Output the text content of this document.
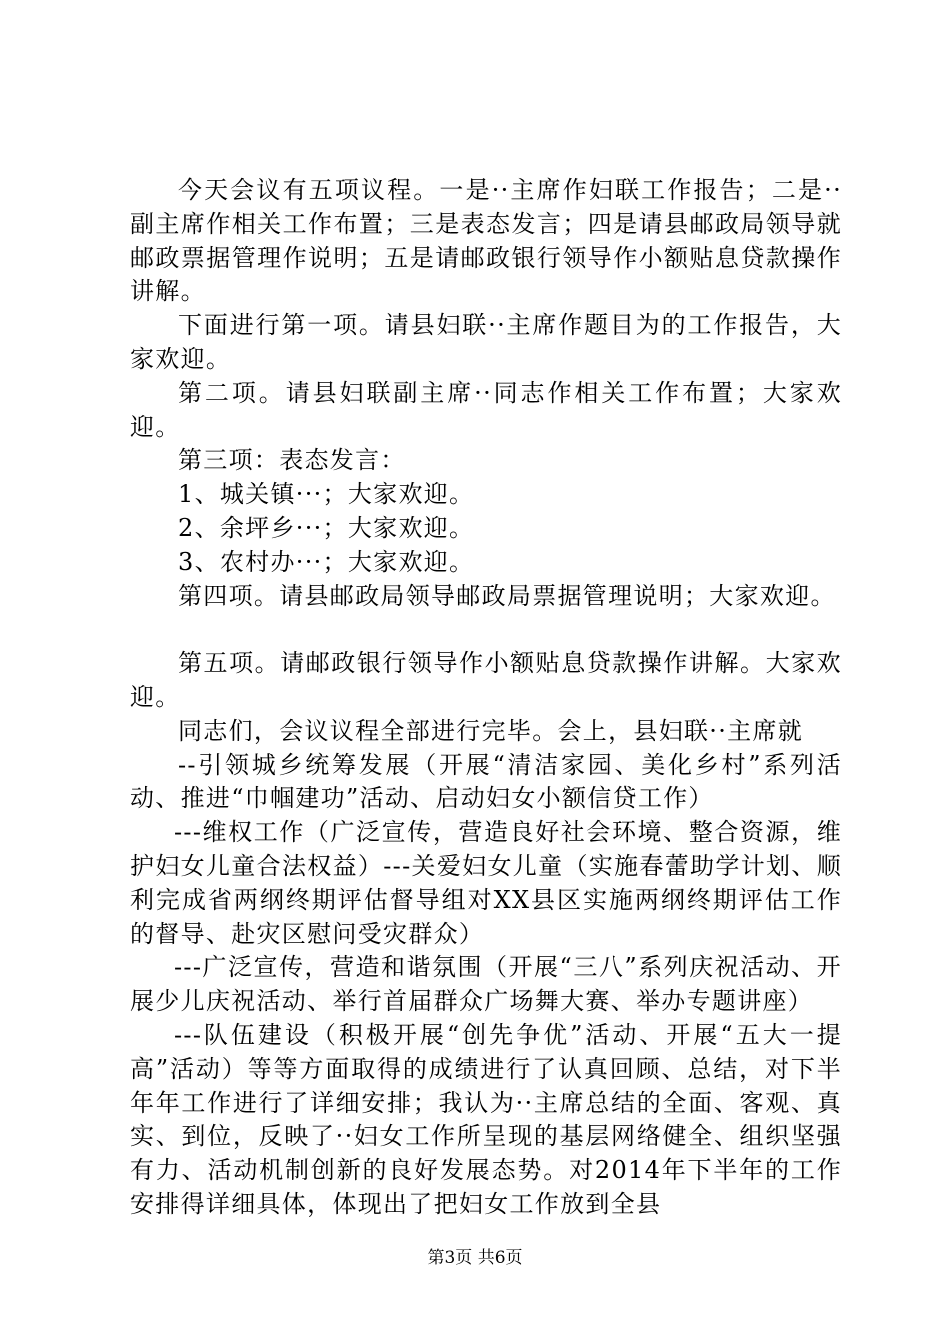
今天会议有五项议程。一是··主席作妇联工作报告；二是··副主席作相关工作布置；三是表态发言；四是请县邮政局领导就邮政票据管理作说明；五是请邮政银行领导作小额贴息贷款操作讲解。

下面进行第一项。请县妇联··主席作题目为的工作报告，大家欢迎。

第二项。请县妇联副主席··同志作相关工作布置；大家欢迎。

第三项：表态发言：

1、城关镇···；大家欢迎。

2、余坪乡···；大家欢迎。

3、农村办···；大家欢迎。

第四项。请县邮政局领导邮政局票据管理说明；大家欢迎。

第五项。请邮政银行领导作小额贴息贷款操作讲解。大家欢迎。

同志们，会议议程全部进行完毕。会上，县妇联··主席就

--引领城乡统筹发展（开展“清洁家园、美化乡村”系列活动、推进“巾帼建功”活动、启动妇女小额信贷工作）

---维权工作（广泛宣传，营造良好社会环境、整合资源，维护妇女儿童合法权益）---关爱妇女儿童（实施春蕾助学计划、顺利完成省两纲终期评估督导组对XX县区实施两纲终期评估工作的督导、赴灾区慰问受灾群众）

---广泛宣传，营造和谐氛围（开展“三八”系列庆祝活动、开展少儿庆祝活动、举行首届群众广场舞大赛、举办专题讲座）

---队伍建设（积极开展“创先争优”活动、开展“五大一提高”活动）等等方面取得的成绩进行了认真回顾、总结，对下半年年工作进行了详细安排；我认为··主席总结的全面、客观、真实、到位，反映了··妇女工作所呈现的基层网络健全、组织坚强有力、活动机制创新的良好发展态势。对2014年下半年的工作安排得详细具体，体现出了把妇女工作放到全县

第3页 共6页
